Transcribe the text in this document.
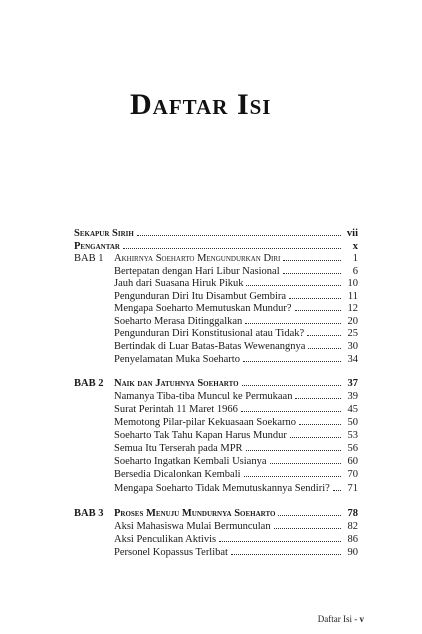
Daftar Isi
Sekapur Sirih	vii
Pengantar	x
BAB 1	Akhirnya Soeharto Mengundurkan Diri	1
Bertepatan dengan Hari Libur Nasional	6
Jauh dari Suasana Hiruk Pikuk	10
Pengunduran Diri Itu Disambut Gembira	11
Mengapa Soeharto Memutuskan Mundur?	12
Soeharto Merasa Ditinggalkan	20
Pengunduran Diri Konstitusional atau Tidak?	25
Bertindak di Luar Batas-Batas Wewenangnya	30
Penyelamatan Muka Soeharto	34
BAB 2	Naik dan Jatuhnya Soeharto	37
Namanya Tiba-tiba Muncul ke Permukaan	39
Surat Perintah 11 Maret 1966	45
Memotong Pilar-pilar Kekuasaan Soekarno	50
Soeharto Tak Tahu Kapan Harus Mundur	53
Semua Itu Terserah pada MPR	56
Soeharto Ingatkan Kembali Usianya	60
Bersedia Dicalonkan Kembali	70
Mengapa Soeharto Tidak Memutuskannya Sendiri?	71
BAB 3	Proses Menuju Mundurnya Soeharto	78
Aksi Mahasiswa Mulai Bermunculan	82
Aksi Penculikan Aktivis	86
Personel Kopassus Terlibat	90
Daftar Isi - v
